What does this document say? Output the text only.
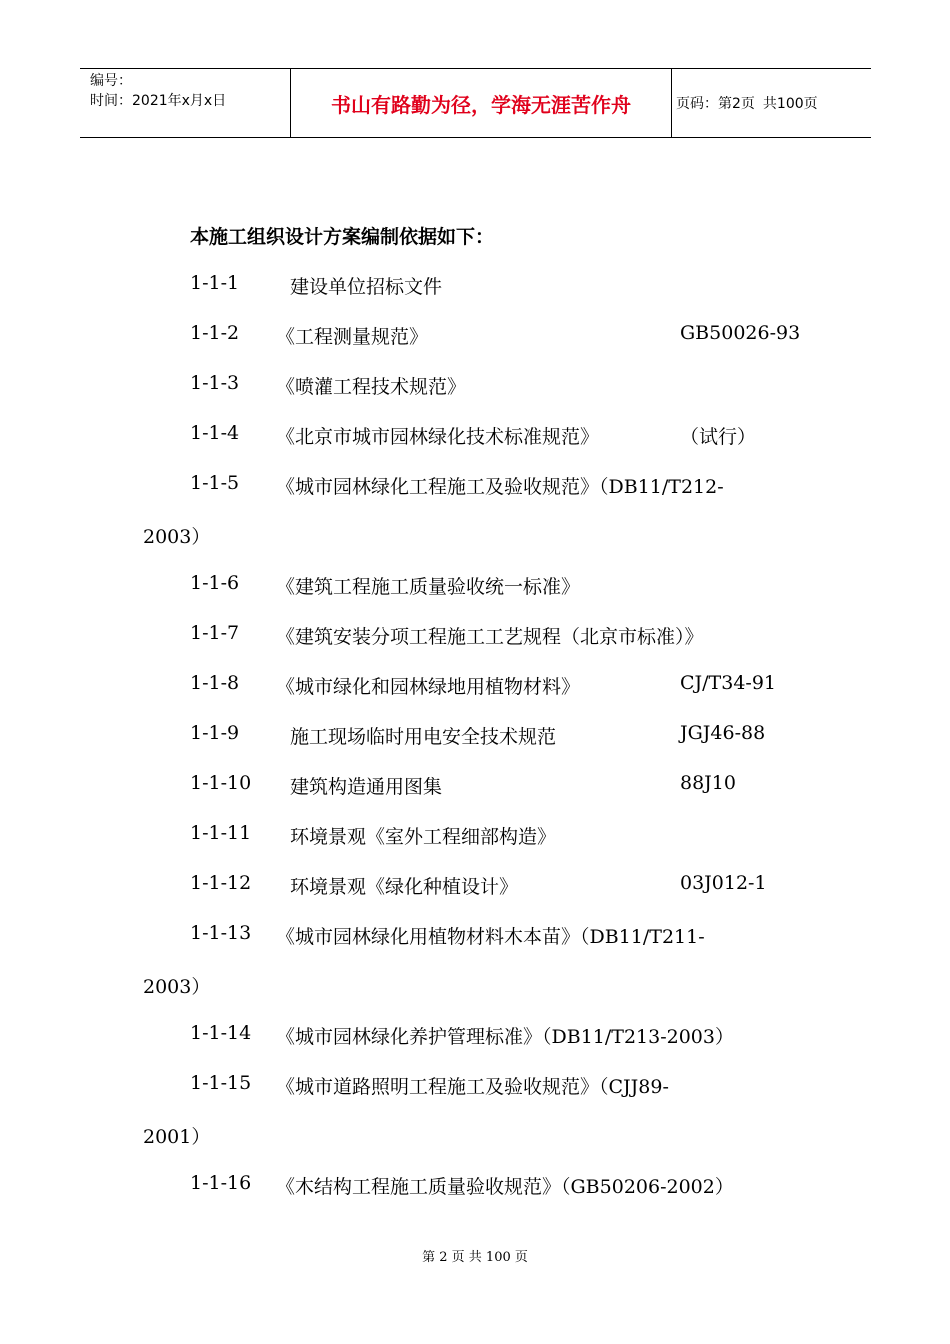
编号：
时间：2021年x月x日	书山有路勤为径，学海无涯苦作舟	页码：第2页 共100页
本施工组织设计方案编制依据如下：
1-1-1	建设单位招标文件
1-1-2 《工程测量规范》	GB50026-93
1-1-3 《喷灌工程技术规范》
1-1-4 《北京市城市园林绿化技术标准规范》	（试行）
1-1-5 《城市园林绿化工程施工及验收规范》（DB11/T212-
2003）
1-1-6 《建筑工程施工质量验收统一标准》
1-1-7 《建筑安装分项工程施工工艺规程（北京市标准）》
1-1-8 《城市绿化和园林绿地用植物材料》	CJ/T34-91
1-1-9	施工现场临时用电安全技术规范	JGJ46-88
1-1-10 建筑构造通用图集	88J10
1-1-11 环境景观《室外工程细部构造》
1-1-12 环境景观《绿化种植设计》	03J012-1
1-1-13 《城市园林绿化用植物材料木本苗》（DB11/T211-
2003）
1-1-14 《城市园林绿化养护管理标准》（DB11/T213-2003）
1-1-15 《城市道路照明工程施工及验收规范》（CJJ89-
2001）
1-1-16 《木结构工程施工质量验收规范》（GB50206-2002）
第 2 页 共 100 页
